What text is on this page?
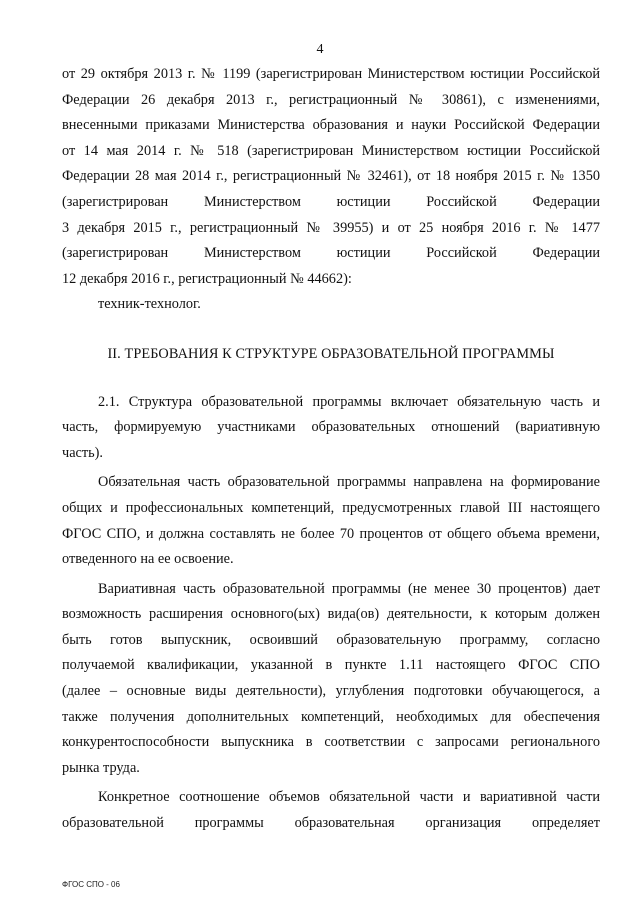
4
от 29 октября 2013 г. № 1199 (зарегистрирован Министерством юстиции Российской
Федерации 26 декабря 2013 г., регистрационный № 30861), с изменениями,
внесенными приказами Министерства образования и науки Российской Федерации
от 14 мая 2014 г. № 518 (зарегистрирован Министерством юстиции Российской
Федерации 28 мая 2014 г., регистрационный № 32461), от 18 ноября 2015 г. № 1350
(зарегистрирован Министерством юстиции Российской Федерации
3 декабря 2015 г., регистрационный № 39955) и от 25 ноября 2016 г. № 1477
(зарегистрирован Министерством юстиции Российской Федерации
12 декабря 2016 г., регистрационный № 44662):
техник-технолог.
II. ТРЕБОВАНИЯ К СТРУКТУРЕ ОБРАЗОВАТЕЛЬНОЙ ПРОГРАММЫ
2.1. Структура образовательной программы включает обязательную часть и
часть, формируемую участниками образовательных отношений (вариативную
часть).
Обязательная часть образовательной программы направлена на формирование
общих и профессиональных компетенций, предусмотренных главой III настоящего
ФГОС СПО, и должна составлять не более 70 процентов от общего объема времени,
отведенного на ее освоение.
Вариативная часть образовательной программы (не менее 30 процентов) дает
возможность расширения основного(ых) вида(ов) деятельности, к которым должен
быть готов выпускник, освоивший образовательную программу, согласно
получаемой квалификации, указанной в пункте 1.11 настоящего ФГОС СПО
(далее – основные виды деятельности), углубления подготовки обучающегося, а
также получения дополнительных компетенций, необходимых для обеспечения
конкурентоспособности выпускника в соответствии с запросами регионального
рынка труда.
Конкретное соотношение объемов обязательной части и вариативной части
образовательной программы образовательная организация определяет
ФГОС СПО - 06
